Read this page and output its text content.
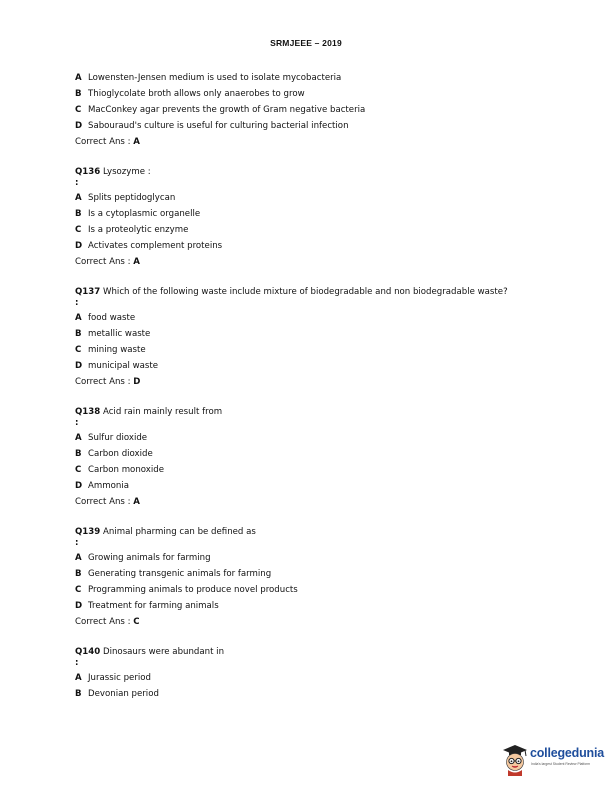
SRMJEEE – 2019
A Lowensten-Jensen medium is used to isolate mycobacteria
B Thioglycolate broth allows only anaerobes to grow
C MacConkey agar prevents the growth of Gram negative bacteria
D Sabouraud's culture is useful for culturing bacterial infection
Correct Ans : A
Q136 Lysozyme :
:
A Splits peptidoglycan
B Is a cytoplasmic organelle
C Is a proteolytic enzyme
D Activates complement proteins
Correct Ans : A
Q137 Which of the following waste include mixture of biodegradable and non biodegradable waste?
:
A food waste
B metallic waste
C mining waste
D municipal waste
Correct Ans : D
Q138 Acid rain mainly result from
:
A Sulfur dioxide
B Carbon dioxide
C Carbon monoxide
D Ammonia
Correct Ans : A
Q139 Animal pharming can be defined as
:
A Growing animals for farming
B Generating transgenic animals for farming
C Programming animals to produce novel products
D Treatment for farming animals
Correct Ans : C
Q140 Dinosaurs were abundant in
:
A Jurassic period
B Devonian period
collegedunia
India's largest Student Review Platform
